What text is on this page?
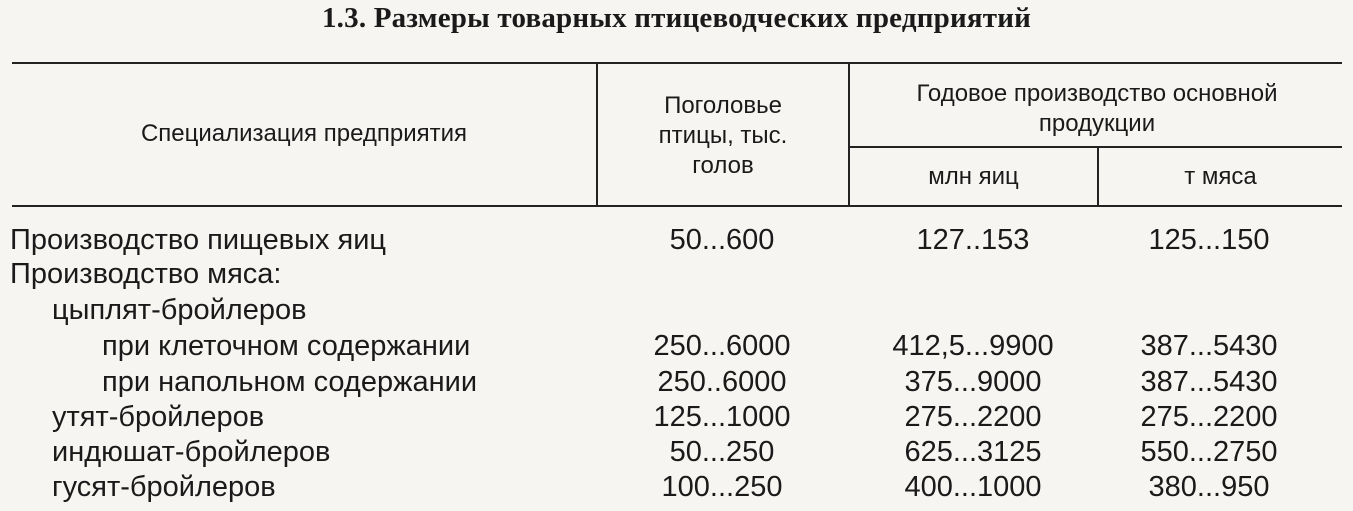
1.3. Размеры товарных птицеводческих предприятий
Специализация предприятия
Поголовье птицы, тыс. голов
Годовое производство основной продукции
млн яиц	т мяса
Производство пищевых яиц	50...600	127..153	125...150
Производство мяса:
цыплят-бройлеров
при клеточном содержании	250...6000	412,5...9900	387...5430
при напольном содержании	250..6000	375...9000	387...5430
утят-бройлеров	125...1000	275...2200	275...2200
индюшат-бройлеров	50...250	625...3125	550...2750
гусят-бройлеров	100...250	400...1000	380...950
